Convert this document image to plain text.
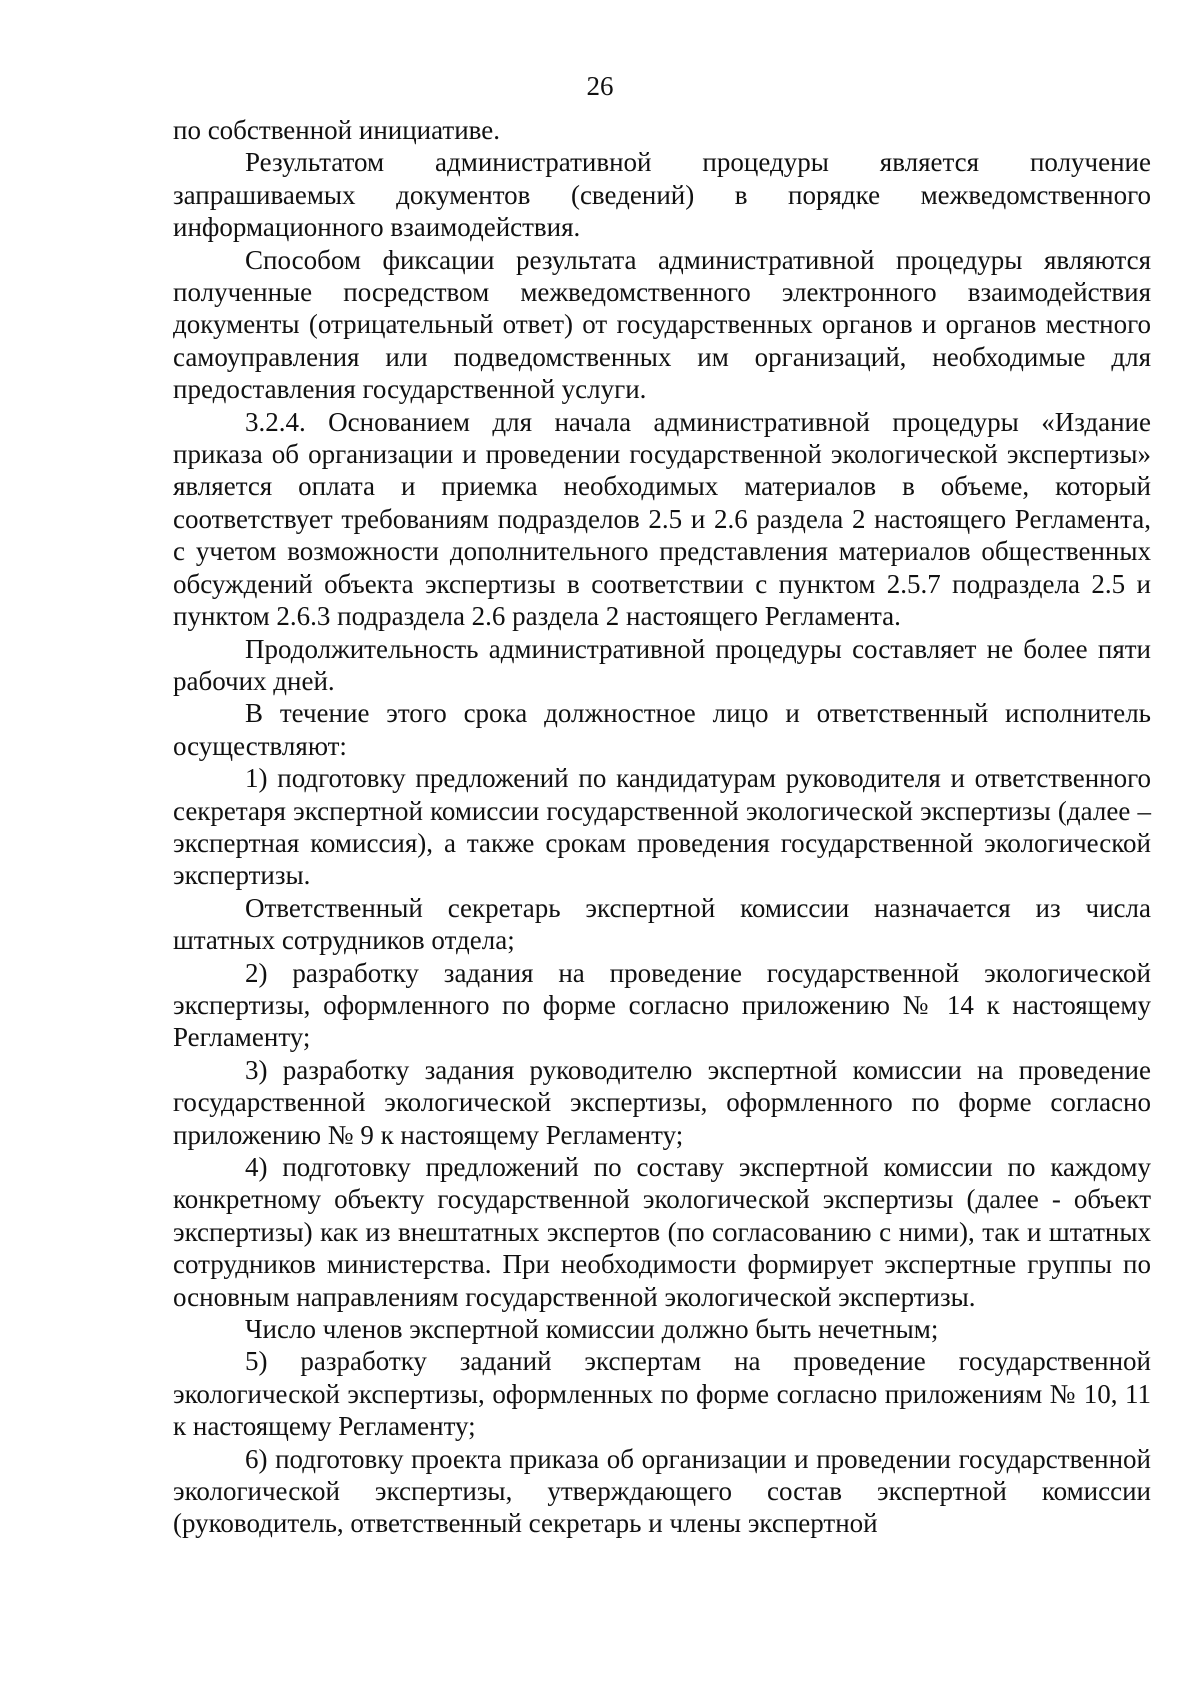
26

по собственной инициативе.

Результатом административной процедуры является получение запрашиваемых документов (сведений) в порядке межведомственного информационного взаимодействия.

Способом фиксации результата административной процедуры являются полученные посредством межведомственного электронного взаимодействия документы (отрицательный ответ) от государственных органов и органов местного самоуправления или подведомственных им организаций, необходимые для предоставления государственной услуги.

3.2.4. Основанием для начала административной процедуры «Издание приказа об организации и проведении государственной экологической экспертизы» является оплата и приемка необходимых материалов в объеме, который соответствует требованиям подразделов 2.5 и 2.6 раздела 2 настоящего Регламента, с учетом возможности дополнительного представления материалов общественных обсуждений объекта экспертизы в соответствии с пунктом 2.5.7 подраздела 2.5 и пунктом 2.6.3 подраздела 2.6 раздела 2 настоящего Регламента.

Продолжительность административной процедуры составляет не более пяти рабочих дней.

В течение этого срока должностное лицо и ответственный исполнитель осуществляют:

1) подготовку предложений по кандидатурам руководителя и ответственного секретаря экспертной комиссии государственной экологической экспертизы (далее – экспертная комиссия), а также срокам проведения государственной экологической экспертизы.

Ответственный секретарь экспертной комиссии назначается из числа штатных сотрудников отдела;

2) разработку задания на проведение государственной экологической экспертизы, оформленного по форме согласно приложению № 14 к настоящему Регламенту;

3) разработку задания руководителю экспертной комиссии на проведение государственной экологической экспертизы, оформленного по форме согласно приложению № 9 к настоящему Регламенту;

4) подготовку предложений по составу экспертной комиссии по каждому конкретному объекту государственной экологической экспертизы (далее - объект экспертизы) как из внештатных экспертов (по согласованию с ними), так и штатных сотрудников министерства. При необходимости формирует экспертные группы по основным направлениям государственной экологической экспертизы.

Число членов экспертной комиссии должно быть нечетным;

5) разработку заданий экспертам на проведение государственной экологической экспертизы, оформленных по форме согласно приложениям № 10, 11 к настоящему Регламенту;

6) подготовку проекта приказа об организации и проведении государственной экологической экспертизы, утверждающего состав экспертной комиссии (руководитель, ответственный секретарь и члены экспертной
